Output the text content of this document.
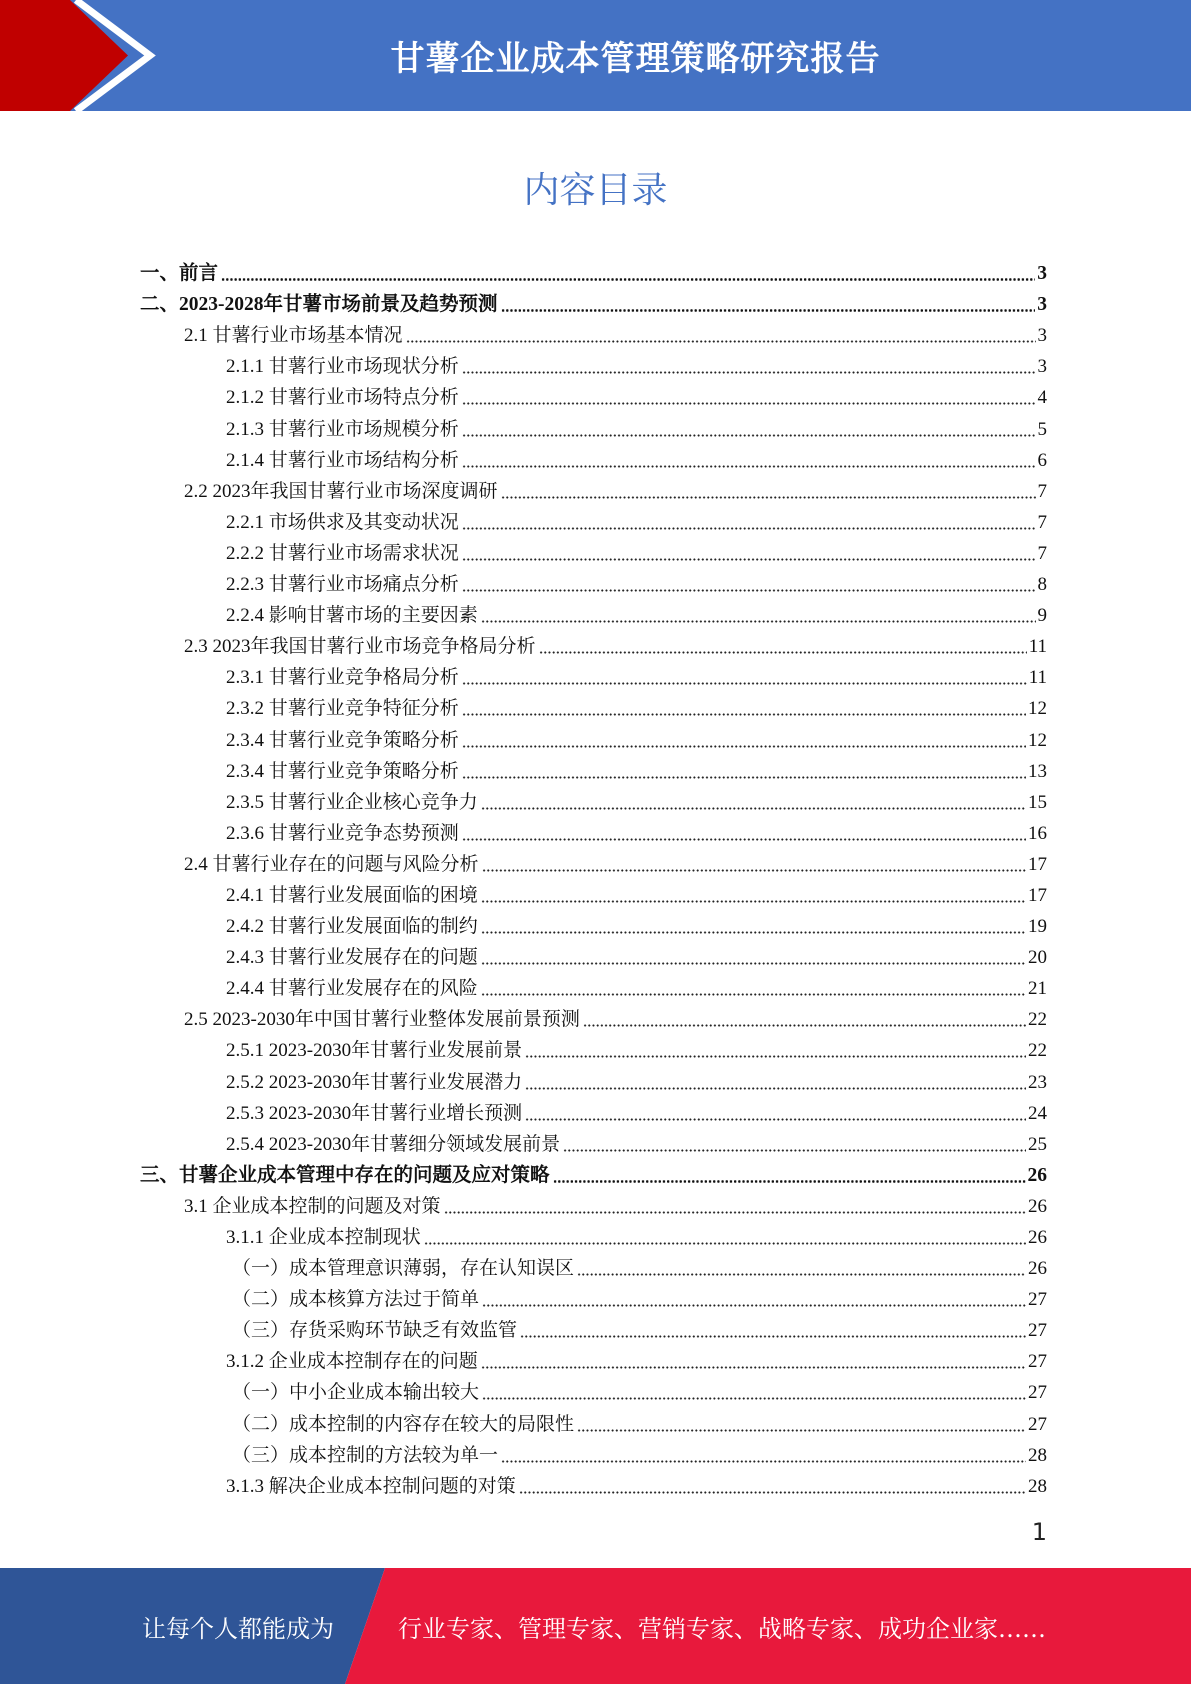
甘薯企业成本管理策略研究报告
内容目录
一、前言	3
二、2023-2028年甘薯市场前景及趋势预测	3
2.1 甘薯行业市场基本情况	3
2.1.1 甘薯行业市场现状分析	3
2.1.2 甘薯行业市场特点分析	4
2.1.3 甘薯行业市场规模分析	5
2.1.4 甘薯行业市场结构分析	6
2.2 2023年我国甘薯行业市场深度调研	7
2.2.1 市场供求及其变动状况	7
2.2.2 甘薯行业市场需求状况	7
2.2.3 甘薯行业市场痛点分析	8
2.2.4 影响甘薯市场的主要因素	9
2.3 2023年我国甘薯行业市场竞争格局分析	11
2.3.1 甘薯行业竞争格局分析	11
2.3.2 甘薯行业竞争特征分析	12
2.3.4 甘薯行业竞争策略分析	12
2.3.4 甘薯行业竞争策略分析	13
2.3.5 甘薯行业企业核心竞争力	15
2.3.6 甘薯行业竞争态势预测	16
2.4 甘薯行业存在的问题与风险分析	17
2.4.1 甘薯行业发展面临的困境	17
2.4.2 甘薯行业发展面临的制约	19
2.4.3 甘薯行业发展存在的问题	20
2.4.4 甘薯行业发展存在的风险	21
2.5 2023-2030年中国甘薯行业整体发展前景预测	22
2.5.1 2023-2030年甘薯行业发展前景	22
2.5.2 2023-2030年甘薯行业发展潜力	23
2.5.3 2023-2030年甘薯行业增长预测	24
2.5.4 2023-2030年甘薯细分领域发展前景	25
三、甘薯企业成本管理中存在的问题及应对策略	26
3.1 企业成本控制的问题及对策	26
3.1.1 企业成本控制现状	26
（一）成本管理意识薄弱，存在认知误区	26
（二）成本核算方法过于简单	27
（三）存货采购环节缺乏有效监管	27
3.1.2 企业成本控制存在的问题	27
（一）中小企业成本输出较大	27
（二）成本控制的内容存在较大的局限性	27
（三）成本控制的方法较为单一	28
3.1.3 解决企业成本控制问题的对策	28
1
让每个人都能成为	行业专家、管理专家、营销专家、战略专家、成功企业家……
